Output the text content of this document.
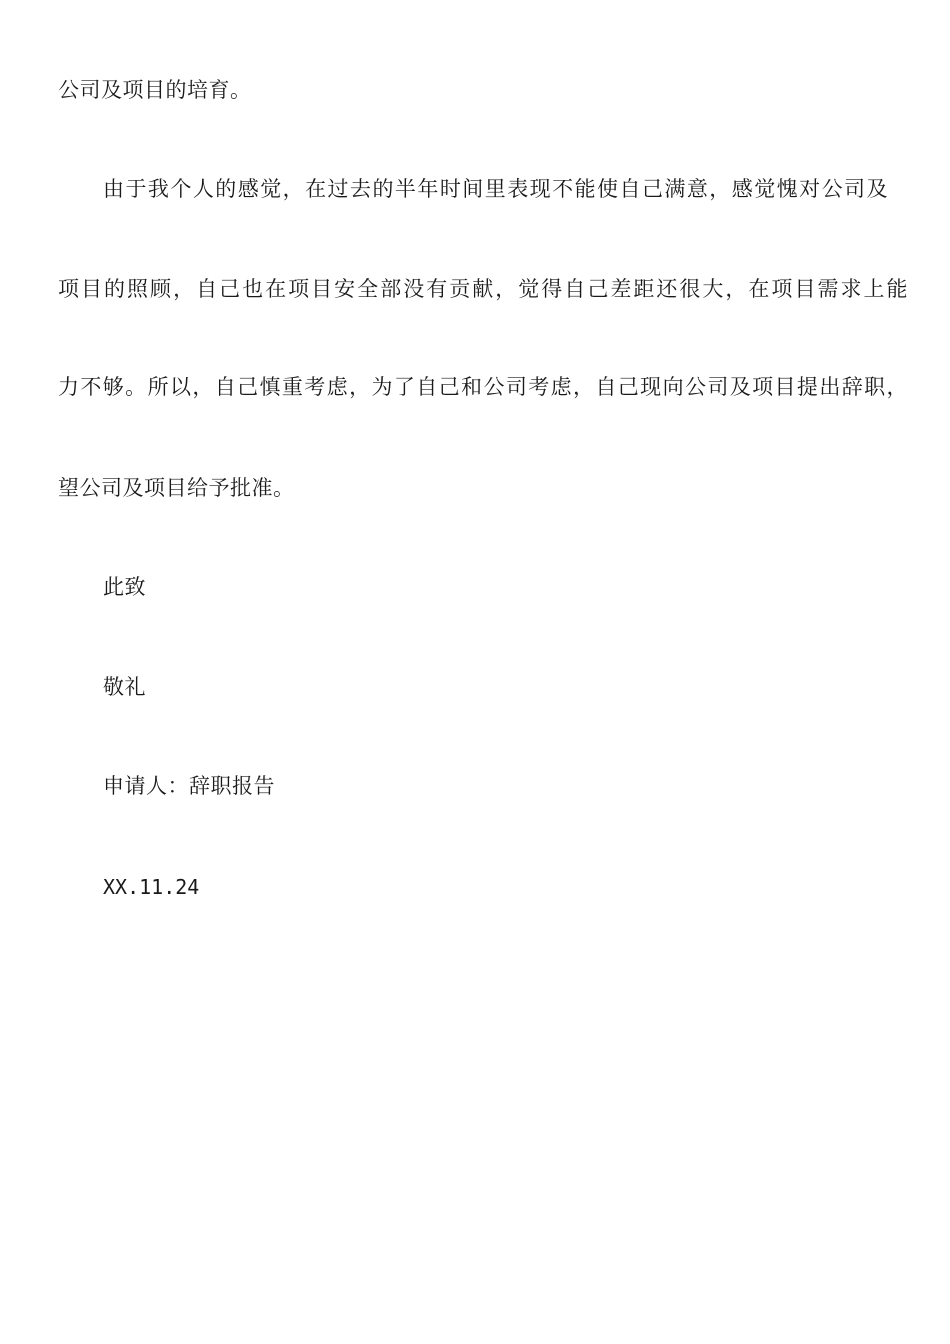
公司及项目的培育。
由于我个人的感觉，在过去的半年时间里表现不能使自己满意，感觉愧对公司及
项目的照顾，自己也在项目安全部没有贡献，觉得自己差距还很大，在项目需求上能
力不够。所以，自己慎重考虑，为了自己和公司考虑，自己现向公司及项目提出辞职，
望公司及项目给予批准。
此致
敬礼
申请人：辞职报告
XX.11.24
